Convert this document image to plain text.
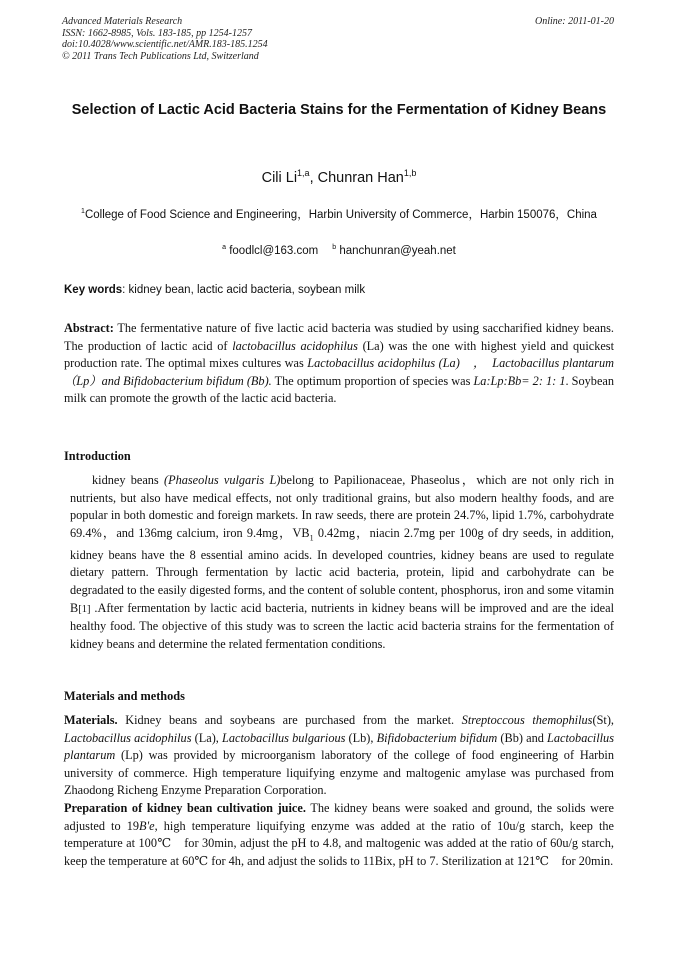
Advanced Materials Research
ISSN: 1662-8985, Vols. 183-185, pp 1254-1257
doi:10.4028/www.scientific.net/AMR.183-185.1254
© 2011 Trans Tech Publications Ltd, Switzerland
Online: 2011-01-20
Selection of Lactic Acid Bacteria Stains for the Fermentation of Kidney Beans
Cili Li$^{1,a}$, Chunran Han$^{1,b}$
$^1$College of Food Science and Engineering，Harbin University of Commerce，Harbin 150076，China
$^a$ foodlcl@163.com $^b$ hanchunran@yeah.net
Key words: kidney bean, lactic acid bacteria, soybean milk
Abstract: The fermentative nature of five lactic acid bacteria was studied by using saccharified kidney beans. The production of lactic acid of lactobacillus acidophilus (La) was the one with highest yield and quickest production rate. The optimal mixes cultures was Lactobacillus acidophilus (La)　，　Lactobacillus plantarum（Lp）and Bifidobacterium bifidum (Bb). The optimum proportion of species was La:Lp:Bb= 2: 1: 1. Soybean milk can promote the growth of the lactic acid bacteria.
Introduction
kidney beans (Phaseolus vulgaris L)belong to Papilionaceae, Phaseolus，which are not only rich in nutrients, but also have medical effects, not only traditional grains, but also modern healthy foods, and are popular in both domestic and foreign markets. In raw seeds, there are protein 24.7%, lipid 1.7%, carbohydrate 69.4%，and 136mg calcium, iron 9.4mg，$VB_1$ 0.42mg，niacin 2.7mg per 100g of dry seeds, in addition, kidney beans have the 8 essential amino acids. In developed countries, kidney beans are used to regulate dietary pattern. Through fermentation by lactic acid bacteria, protein, lipid and carbohydrate can be degradated to the easily digested forms, and the content of soluble content, phosphorus, iron and some vitamin B[1] .After fermentation by lactic acid bacteria, nutrients in kidney beans will be improved and are the ideal healthy food. The objective of this study was to screen the lactic acid bacteria strains for the fermentation of kidney beans and determine the related fermentation conditions.
Materials and methods
Materials. Kidney beans and soybeans are purchased from the market. Streptoccous themophilus(St), Lactobacillus acidophilus (La), Lactobacillus bulgarious (Lb), Bifidobacterium bifidum (Bb) and Lactobacillus plantarum (Lp) was provided by microorganism laboratory of the college of food engineering of Harbin university of commerce. High temperature liquifying enzyme and maltogenic amylase was purchased from Zhaodong Richeng Enzyme Preparation Corporation.
Preparation of kidney bean cultivation juice. The kidney beans were soaked and ground, the solids were adjusted to 19B'e, high temperature liquifying enzyme was added at the ratio of 10u/g starch, keep the temperature at 100℃　for 30min, adjust the pH to 4.8, and maltogenic was added at the ratio of 60u/g starch, keep the temperature at 60℃ for 4h, and adjust the solids to 11Bix, pH to 7. Sterilization at 121℃　for 20min.
